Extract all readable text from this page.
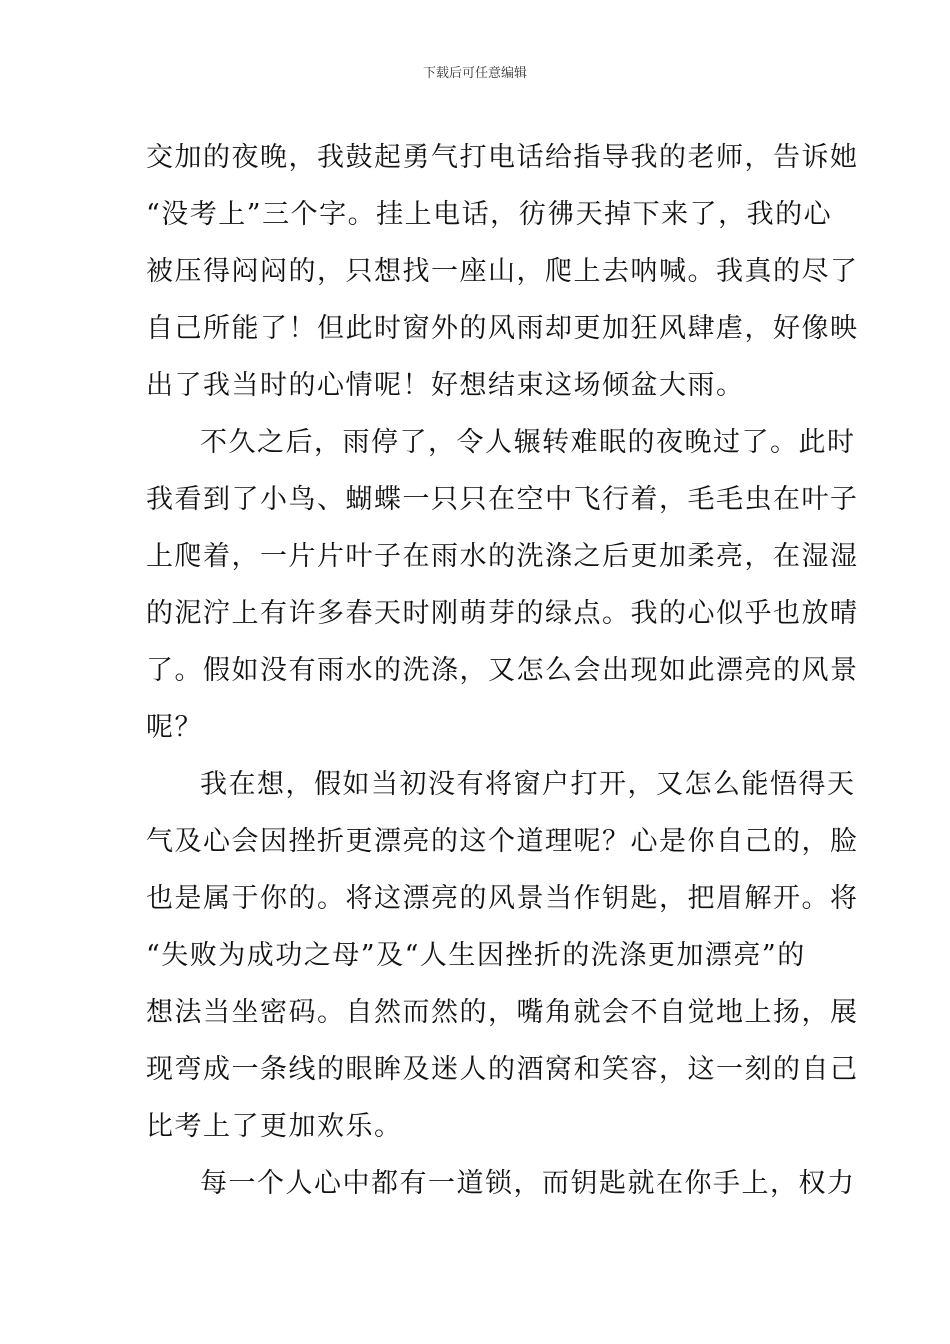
下载后可任意编辑
交加的夜晚，我鼓起勇气打电话给指导我的老师，告诉她
“没考上”三个字。挂上电话，彷彿天掉下来了，我的心
被压得闷闷的，只想找一座山，爬上去呐喊。我真的尽了
自己所能了！但此时窗外的风雨却更加狂风肆虐，好像映
出了我当时的心情呢！好想结束这场倾盆大雨。
不久之后，雨停了，令人辗转难眠的夜晚过了。此时
我看到了小鸟、蝴蝶一只只在空中飞行着，毛毛虫在叶子
上爬着，一片片叶子在雨水的洗涤之后更加柔亮，在湿湿
的泥泞上有许多春天时刚萌芽的绿点。我的心似乎也放晴
了。假如没有雨水的洗涤，又怎么会出现如此漂亮的风景
呢？
我在想，假如当初没有将窗户打开，又怎么能悟得天
气及心会因挫折更漂亮的这个道理呢？心是你自己的，脸
也是属于你的。将这漂亮的风景当作钥匙，把眉解开。将
“失败为成功之母”及“人生因挫折的洗涤更加漂亮”的
想法当坐密码。自然而然的，嘴角就会不自觉地上扬，展
现弯成一条线的眼眸及迷人的酒窝和笑容，这一刻的自己
比考上了更加欢乐。
每一个人心中都有一道锁，而钥匙就在你手上，权力
